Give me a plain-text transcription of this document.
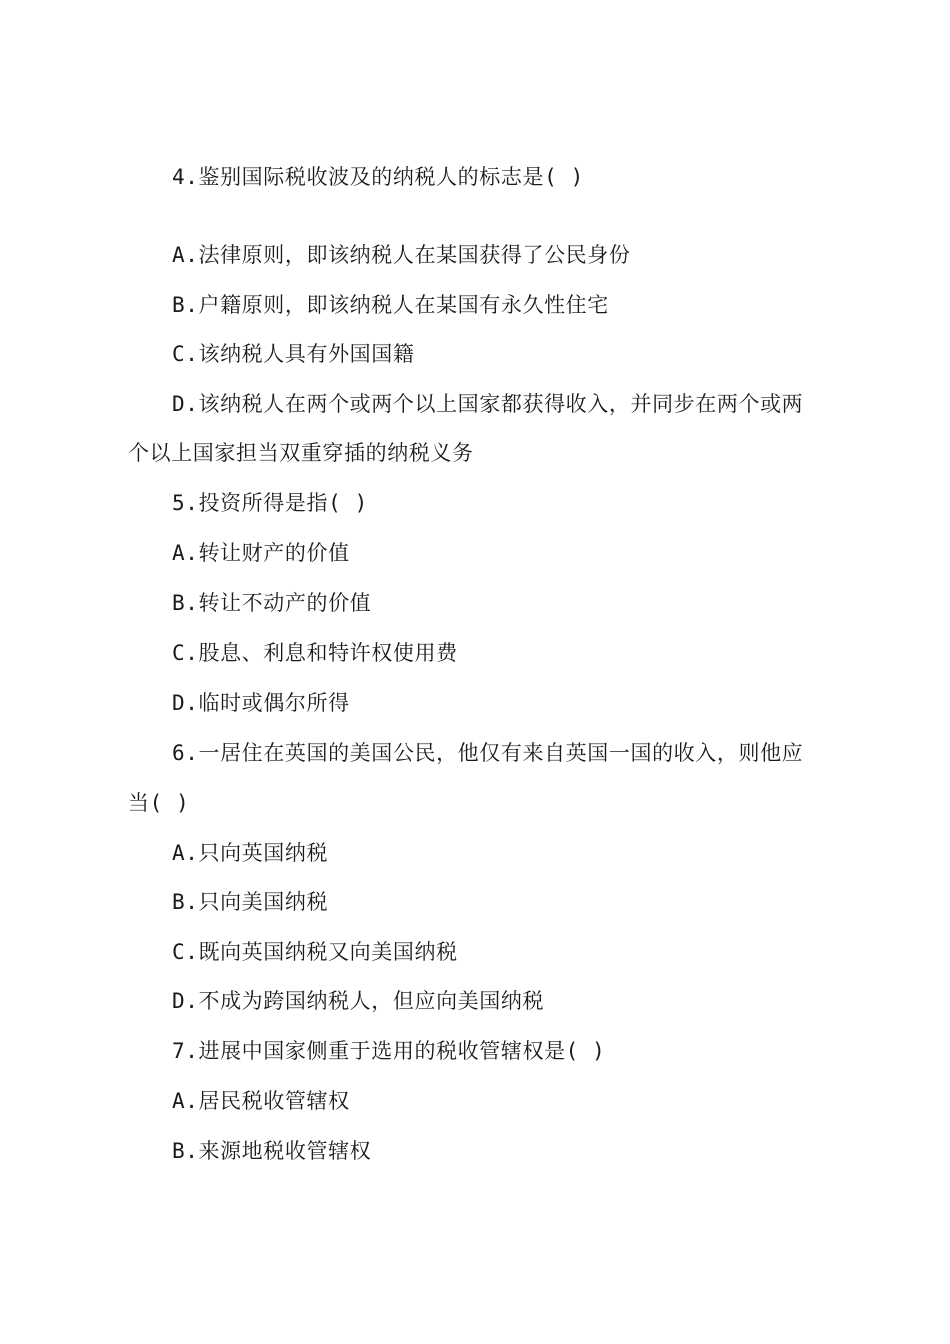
4.鉴别国际税收波及的纳税人的标志是( )
A.法律原则，即该纳税人在某国获得了公民身份
B.户籍原则，即该纳税人在某国有永久性住宅
C.该纳税人具有外国国籍
D.该纳税人在两个或两个以上国家都获得收入，并同步在两个或两
个以上国家担当双重穿插的纳税义务
5.投资所得是指( )
A.转让财产的价值
B.转让不动产的价值
C.股息、利息和特许权使用费
D.临时或偶尔所得
6.一居住在英国的美国公民，他仅有来自英国一国的收入，则他应
当( )
A.只向英国纳税
B.只向美国纳税
C.既向英国纳税又向美国纳税
D.不成为跨国纳税人，但应向美国纳税
7.进展中国家侧重于选用的税收管辖权是( )
A.居民税收管辖权
B.来源地税收管辖权
